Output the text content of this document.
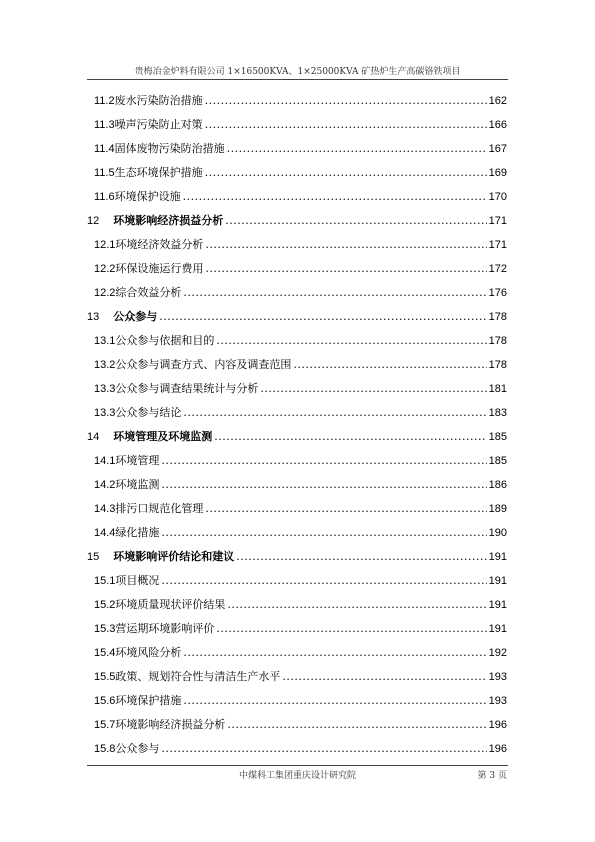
贵梅冶金炉料有限公司 1×16500KVA、1×25000KVA 矿热炉生产高碳铬铁项目
11.2 废水污染防治措施 .....	162
11.3 噪声污染防止对策 .....	166
11.4 固体废物污染防治措施 .....	167
11.5 生态环境保护措施 .....	169
11.6 环境保护设施 .....	170
12 环境影响经济损益分析 .....	171
12.1 环境经济效益分析 .....	171
12.2 环保设施运行费用 .....	172
12.2 综合效益分析 .....	176
13 公众参与 .....	178
13.1 公众参与依据和目的 .....	178
13.2 公众参与调查方式、内容及调查范围 .....	178
13.3 公众参与调查结果统计与分析 .....	181
13.3 公众参与结论 .....	183
14 环境管理及环境监测 .....	185
14.1 环境管理 .....	185
14.2 环境监测 .....	186
14.3 排污口规范化管理 .....	189
14.4 绿化措施 .....	190
15 环境影响评价结论和建议 .....	191
15.1 项目概况 .....	191
15.2 环境质量现状评价结果 .....	191
15.3 营运期环境影响评价 .....	191
15.4 环境风险分析 .....	192
15.5 政策、规划符合性与清洁生产水平 .....	193
15.6 环境保护措施 .....	193
15.7 环境影响经济损益分析 .....	196
15.8 公众参与 .....	196
中煤科工集团重庆设计研究院	第 3 页
